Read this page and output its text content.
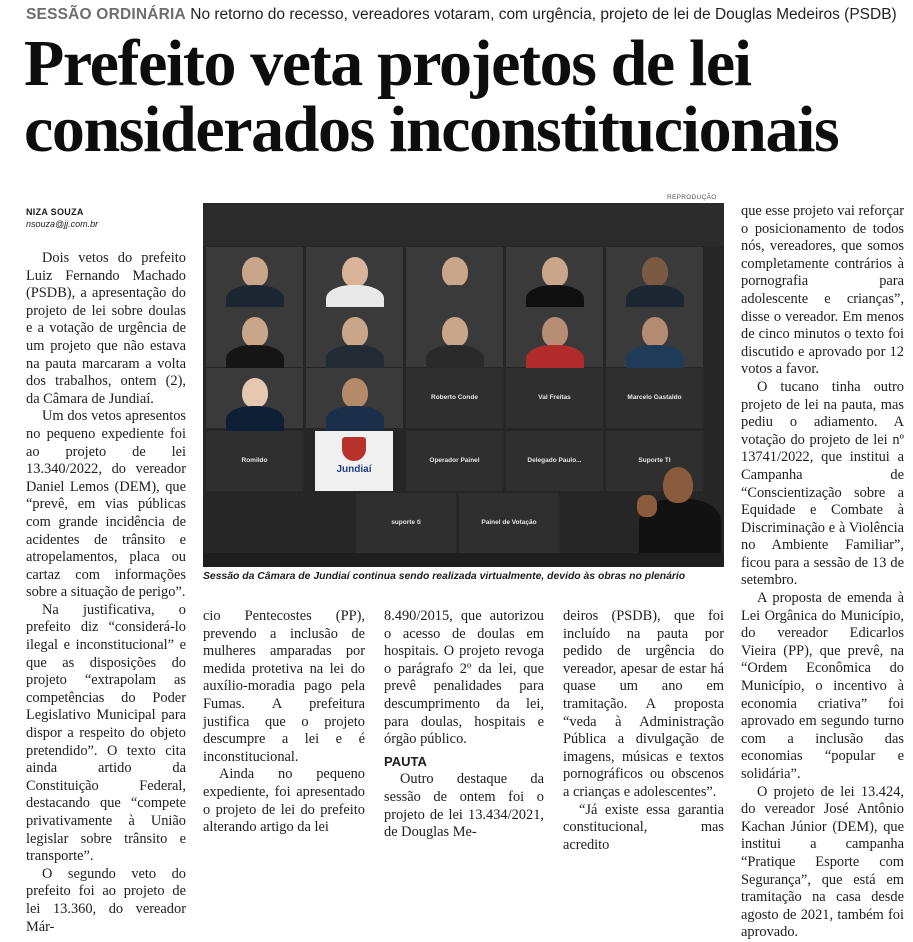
SESSÃO ORDINÁRIA No retorno do recesso, vereadores votaram, com urgência, projeto de lei de Douglas Medeiros (PSDB)
Prefeito veta projetos de lei
considerados inconstitucionais
NIZA SOUZA
nsouza@jj.com.br
REPRODUÇÃO

Dois vetos do prefeito Luiz Fernando Machado (PSDB), a apresentação do projeto de lei sobre doulas e a votação de urgência de um projeto que não estava na pauta marcaram a volta dos trabalhos, ontem (2), da Câmara de Jundiaí.

Um dos vetos apresentos no pequeno expediente foi ao projeto de lei 13.340/2022, do vereador Daniel Lemos (DEM), que “prevê, em vias públicas com grande incidência de acidentes de trânsito e atropelamentos, placa ou cartaz com informações sobre a situação de perigo”.

Na justificativa, o prefeito diz “considerá-lo ilegal e inconstitucional” e que as disposições do projeto “extrapolam as competências do Poder Legislativo Municipal para dispor a respeito do objeto pretendido”. O texto cita ainda artido da Constituição Federal, destacando que “compete privativamente à União legislar sobre trânsito e transporte”.

O segundo veto do prefeito foi ao projeto de lei 13.360, do vereador Már-

Roberto Conde	Val Freitas	Marcelo Gastaldo
Romildo	Operador Painel	Delegado Paulo...	Suporte TI
Jundiaí
suporte ti	Painel de Votação
Sessão da Câmara de Jundiaí continua sendo realizada virtualmente, devido às obras no plenário

cio Pentecostes (PP), prevendo a inclusão de mulheres amparadas por medida protetiva na lei do auxílio-moradia pago pela Fumas. A prefeitura justifica que o projeto descumpre a lei e é inconstitucional.

Ainda no pequeno expediente, foi apresentado o projeto de lei do prefeito alterando artigo da lei

8.490/2015, que autorizou o acesso de doulas em hospitais. O projeto revoga o parágrafo 2º da lei, que prevê penalidades para descumprimento da lei, para doulas, hospitais e órgão público.

PAUTA

Outro destaque da sessão de ontem foi o projeto de lei 13.434/2021, de Douglas Me-

deiros (PSDB), que foi incluído na pauta por pedido de urgência do vereador, apesar de estar há quase um ano em tramitação. A proposta “veda à Administração Pública a divulgação de imagens, músicas e textos pornográficos ou obscenos a crianças e adolescentes”.

“Já existe essa garantia constitucional, mas acredito

que esse projeto vai reforçar o posicionamento de todos nós, vereadores, que somos completamente contrários à pornografia para adolescente e crianças”, disse o vereador. Em menos de cinco minutos o texto foi discutido e aprovado por 12 votos a favor.

O tucano tinha outro projeto de lei na pauta, mas pediu o adiamento. A votação do projeto de lei nº 13741/2022, que institui a Campanha de “Conscientização sobre a Equidade e Combate à Discriminação e à Violência no Ambiente Familiar”, ficou para a sessão de 13 de setembro.

A proposta de emenda à Lei Orgânica do Município, do vereador Edicarlos Vieira (PP), que prevê, na “Ordem Econômica do Município, o incentivo à economia criativa” foi aprovado em segundo turno com a inclusão das economias “popular e solidária”.

O projeto de lei 13.424, do vereador José Antônio Kachan Júnior (DEM), que institui a campanha “Pratique Esporte com Segurança”, que está em tramitação na casa desde agosto de 2021, também foi aprovado.
